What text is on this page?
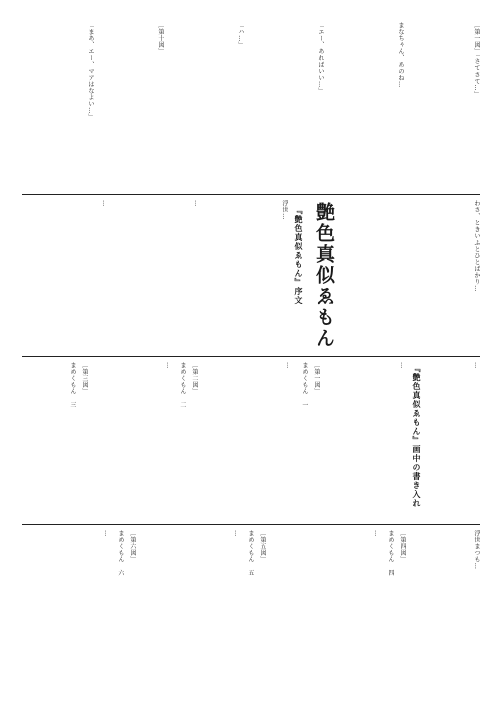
［第一図］「さてさて…」
まなちゃん、あのね…
「エー、あればいい…」
「ハ…」
［第十図］
「まあ、エー、マアはなよい…」
わさ、ときいふとひとばかり…
艶色真似ゑもん
『艶色真似ゑもん』序文
浮世…
…
…
…
『艶色真似ゑもん』画中の書き入れ
…
［第一図］
まめくもん　一
…
［第二図］
まめくもん　二
…
［第三図］
まめくもん　三
浮世まつも…
［第四図］
まめくもん　四
…
［第五図］
まめくもん　五
…
［第六図］
まめくもん　六
…
